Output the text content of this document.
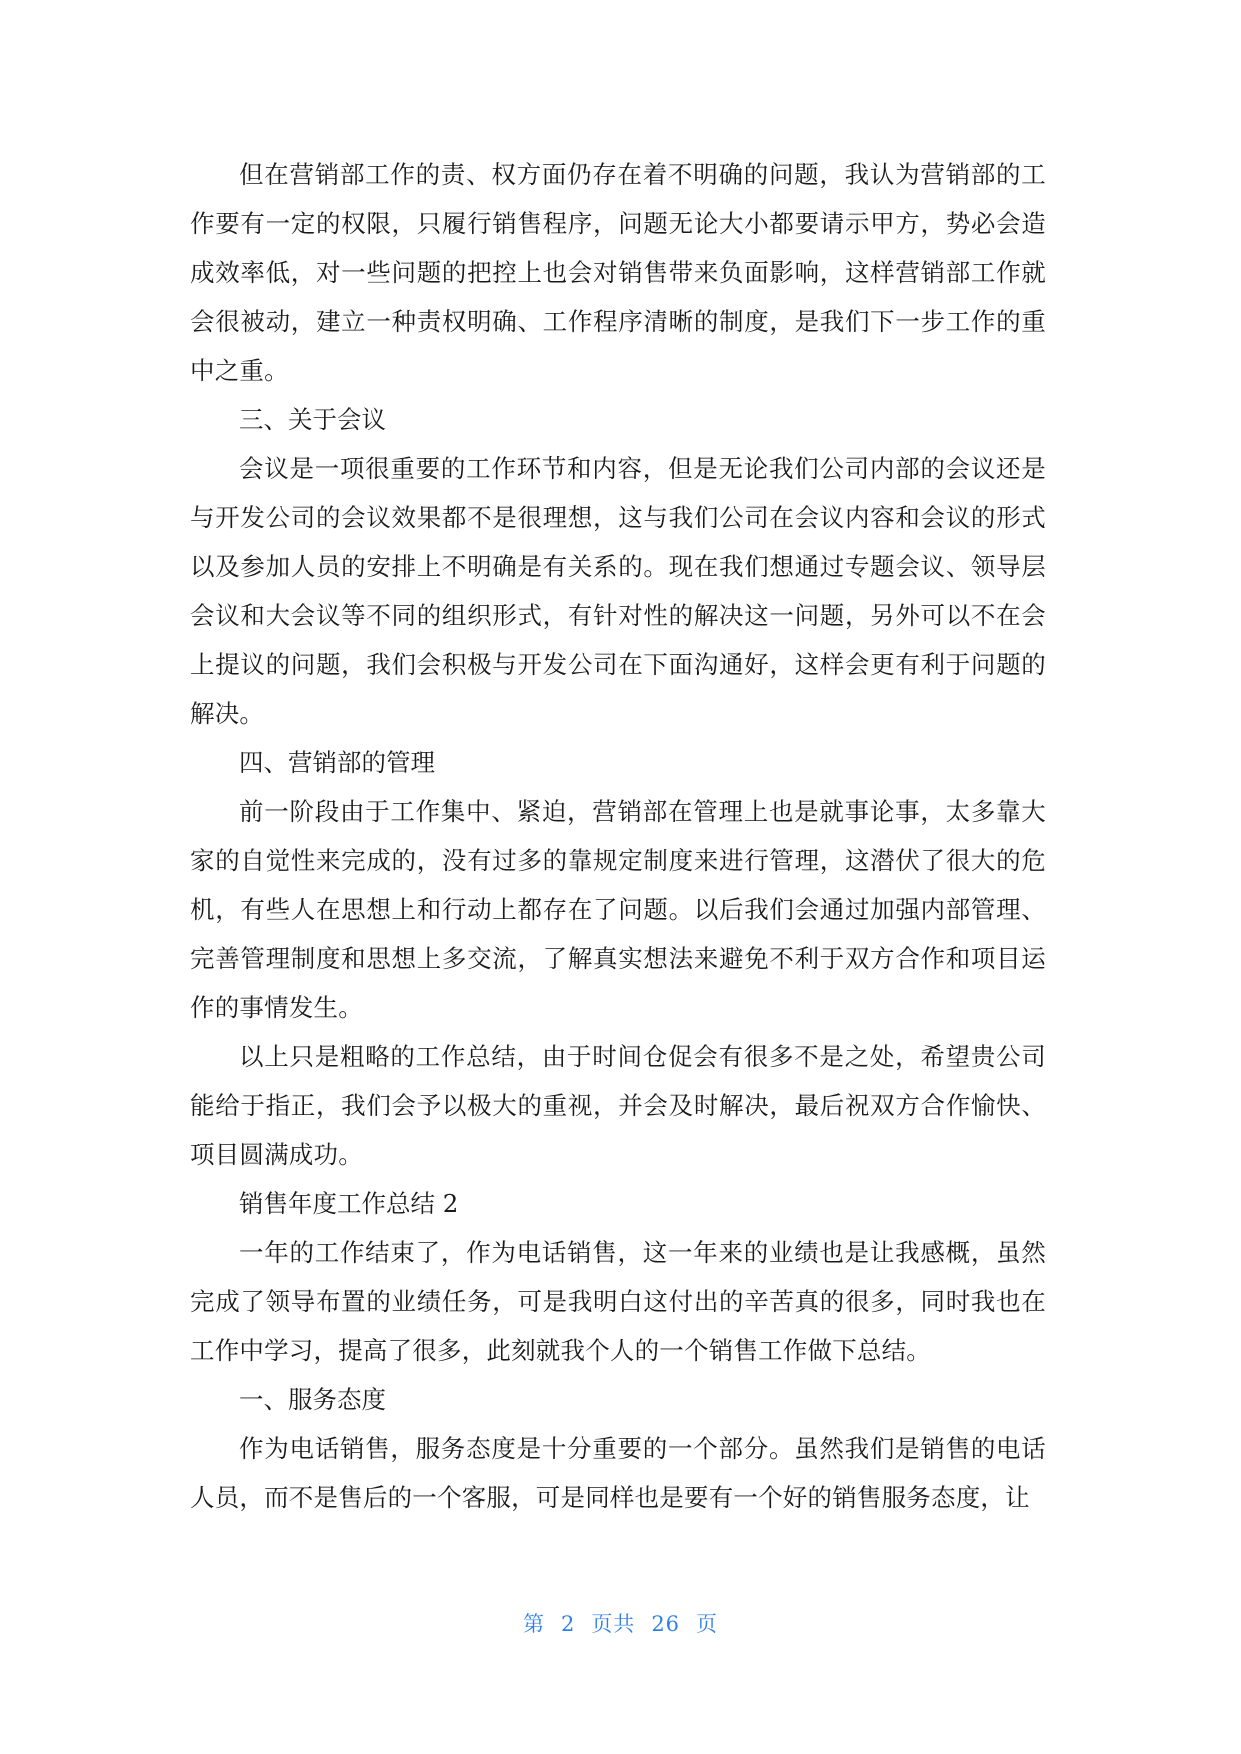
但在营销部工作的责、权方面仍存在着不明确的问题，我认为营销部的工作要有一定的权限，只履行销售程序，问题无论大小都要请示甲方，势必会造成效率低，对一些问题的把控上也会对销售带来负面影响，这样营销部工作就会很被动，建立一种责权明确、工作程序清晰的制度，是我们下一步工作的重中之重。

三、关于会议

会议是一项很重要的工作环节和内容，但是无论我们公司内部的会议还是与开发公司的会议效果都不是很理想，这与我们公司在会议内容和会议的形式以及参加人员的安排上不明确是有关系的。现在我们想通过专题会议、领导层会议和大会议等不同的组织形式，有针对性的解决这一问题，另外可以不在会上提议的问题，我们会积极与开发公司在下面沟通好，这样会更有利于问题的解决。

四、营销部的管理

前一阶段由于工作集中、紧迫，营销部在管理上也是就事论事，太多靠大家的自觉性来完成的，没有过多的靠规定制度来进行管理，这潜伏了很大的危机，有些人在思想上和行动上都存在了问题。以后我们会通过加强内部管理、完善管理制度和思想上多交流，了解真实想法来避免不利于双方合作和项目运作的事情发生。

以上只是粗略的工作总结，由于时间仓促会有很多不是之处，希望贵公司能给于指正，我们会予以极大的重视，并会及时解决，最后祝双方合作愉快、项目圆满成功。

销售年度工作总结 2

一年的工作结束了，作为电话销售，这一年来的业绩也是让我感概，虽然完成了领导布置的业绩任务，可是我明白这付出的辛苦真的很多，同时我也在工作中学习，提高了很多，此刻就我个人的一个销售工作做下总结。

一、服务态度

作为电话销售，服务态度是十分重要的一个部分。虽然我们是销售的电话人员，而不是售后的一个客服，可是同样也是要有一个好的销售服务态度，让

第 2 页共 26 页
